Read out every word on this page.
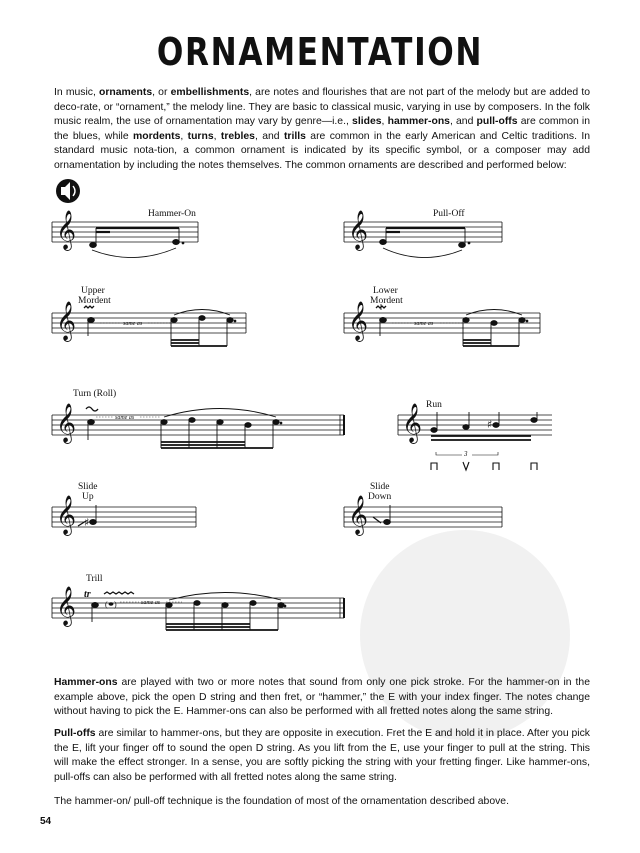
ORNAMENTATION
In music, ornaments, or embellishments, are notes and flourishes that are not part of the melody but are added to deco-rate, or “ornament,” the melody line. They are basic to classical music, varying in use by composers. In the folk music realm, the use of ornamentation may vary by genre—i.e., slides, hammer-ons, and pull-offs are common in the blues, while mordents, turns, trebles, and trills are common in the early American and Celtic traditions. In standard music nota-tion, a common ornament is indicated by its specific symbol, or a composer may add ornamentation by including the notes themselves. The common ornaments are described and performed below:
𝄞	𝄞
𝄞	𝄞
𝄞	𝄞
𝄞	𝄞
𝄞
Hammer-On	Pull-Off
Upper
Mordent
Lower
Mordent
Turn (Roll)
Run
Slide
Up
Slide
Down
Trill
same as	same as
same as
same as
tr
♯
♯
( )
3
Hammer-ons are played with two or more notes that sound from only one pick stroke. For the hammer-on in the example above, pick the open D string and then fret, or “hammer,” the E with your index finger. The notes change without having to pick the E. Hammer-ons can also be performed with all fretted notes along the same string.
Pull-offs are similar to hammer-ons, but they are opposite in execution. Fret the E and hold it in place. After you pick the E, lift your finger off to sound the open D string. As you lift from the E, use your finger to pull at the string. This will make the effect stronger. In a sense, you are softly picking the string with your fretting finger. Like hammer-ons, pull-offs can also be performed with all fretted notes along the same string.
The hammer-on/ pull-off technique is the foundation of most of the ornamentation described above.
54
